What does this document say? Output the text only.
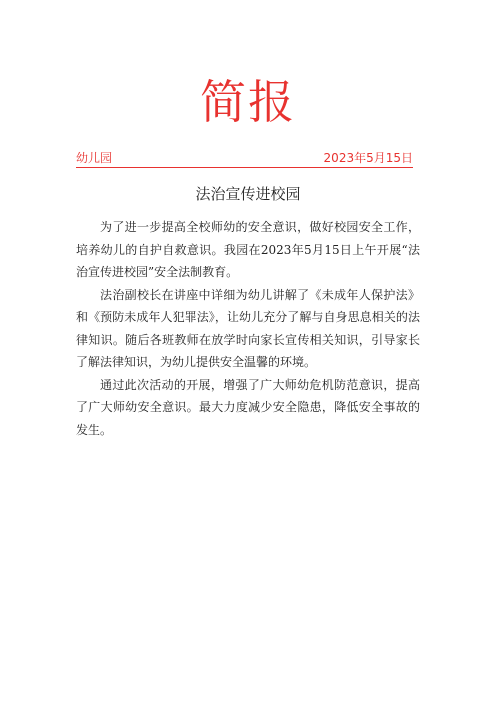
简报
幼儿园	2023年5月15日
法治宣传进校园

为了进一步提高全校师幼的安全意识，做好校园安全工作，培养幼儿的自护自救意识。我园在2023年5月15日上午开展“法治宣传进校园”安全法制教育。

法治副校长在讲座中详细为幼儿讲解了《未成年人保护法》和《预防未成年人犯罪法》，让幼儿充分了解与自身思息相关的法律知识。随后各班教师在放学时向家长宣传相关知识，引导家长了解法律知识，为幼儿提供安全温馨的环境。

通过此次活动的开展，增强了广大师幼危机防范意识，提高了广大师幼安全意识。最大力度减少安全隐患，降低安全事故的发生。
